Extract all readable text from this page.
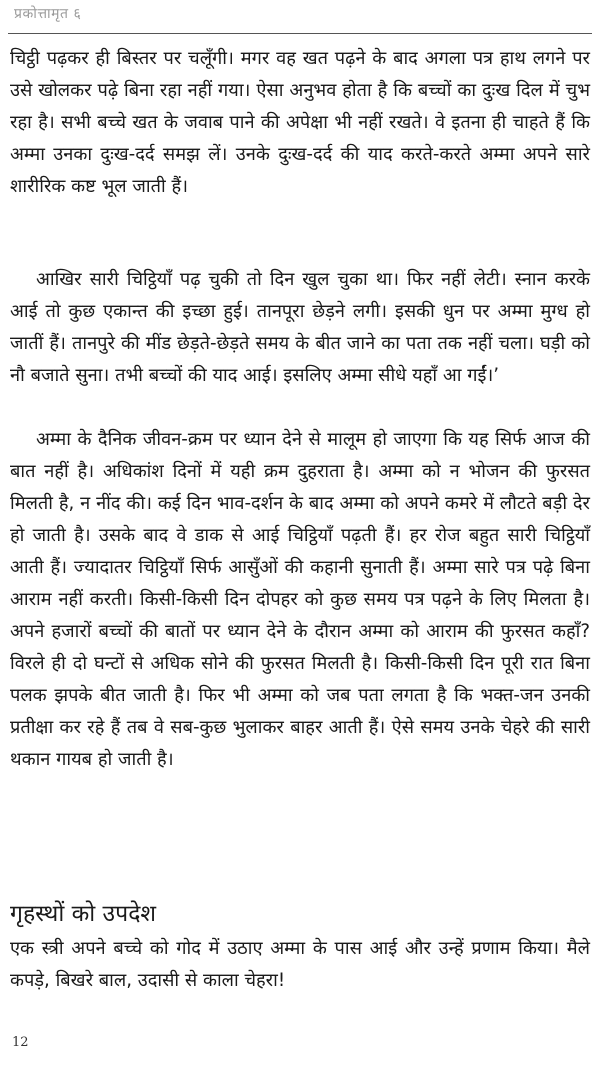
प्रकोत्तामृत ६

चिट्ठी पढ़कर ही बिस्तर पर चलूँगी। मगर वह खत पढ़ने के बाद अगला पत्र हाथ लगने पर उसे खोलकर पढ़े बिना रहा नहीं गया। ऐसा अनुभव होता है कि बच्चों का दुःख दिल में चुभ रहा है। सभी बच्चे खत के जवाब पाने की अपेक्षा भी नहीं रखते। वे इतना ही चाहते हैं कि अम्मा उनका दुःख-दर्द समझ लें। उनके दुःख-दर्द की याद करते-करते अम्मा अपने सारे शारीरिक कष्ट भूल जाती हैं।

आखिर सारी चिट्ठियाँ पढ़ चुकी तो दिन खुल चुका था। फिर नहीं लेटी। स्नान करके आई तो कुछ एकान्त की इच्छा हुई। तानपूरा छेड़ने लगी। इसकी धुन पर अम्मा मुग्ध हो जातीं हैं। तानपुरे की मींड छेड़ते-छेड़ते समय के बीत जाने का पता तक नहीं चला। घड़ी को नौ बजाते सुना। तभी बच्चों की याद आई। इसलिए अम्मा सीधे यहाँ आ गईं।’

अम्मा के दैनिक जीवन-क्रम पर ध्यान देने से मालूम हो जाएगा कि यह सिर्फ आज की बात नहीं है। अधिकांश दिनों में यही क्रम दुहराता है। अम्मा को न भोजन की फुरसत मिलती है, न नींद की। कई दिन भाव-दर्शन के बाद अम्मा को अपने कमरे में लौटते बड़ी देर हो जाती है। उसके बाद वे डाक से आई चिट्ठियाँ पढ़ती हैं। हर रोज बहुत सारी चिट्ठियाँ आती हैं। ज्यादातर चिट्ठियाँ सिर्फ आसुँओं की कहानी सुनाती हैं। अम्मा सारे पत्र पढ़े बिना आराम नहीं करती। किसी-किसी दिन दोपहर को कुछ समय पत्र पढ़ने के लिए मिलता है। अपने हजारों बच्चों की बातों पर ध्यान देने के दौरान अम्मा को आराम की फुरसत कहाँ? विरले ही दो घन्टों से अधिक सोने की फुरसत मिलती है। किसी-किसी दिन पूरी रात बिना पलक झपके बीत जाती है। फिर भी अम्मा को जब पता लगता है कि भक्त-जन उनकी प्रतीक्षा कर रहे हैं तब वे सब-कुछ भुलाकर बाहर आती हैं। ऐसे समय उनके चेहरे की सारी थकान गायब हो जाती है।

गृहस्थों को उपदेश

एक स्त्री अपने बच्चे को गोद में उठाए अम्मा के पास आई और उन्हें प्रणाम किया। मैले कपड़े, बिखरे बाल, उदासी से काला चेहरा!

12
